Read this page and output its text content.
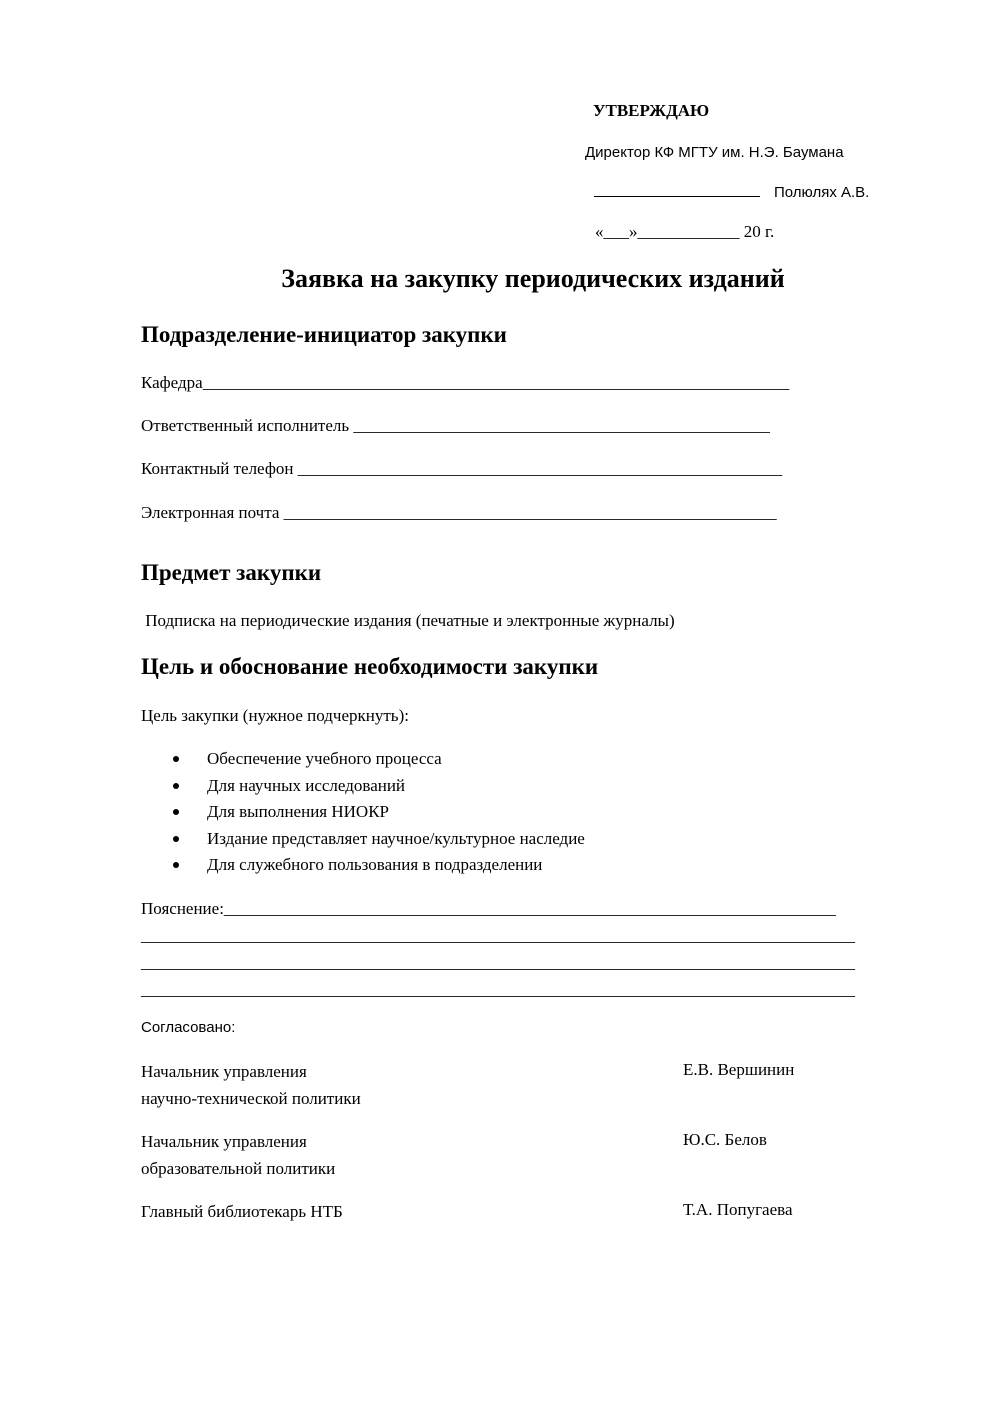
УТВЕРЖДАЮ
Директор КФ МГТУ им. Н.Э. Баумана
Полюлях А.В.
«___»____________ 20 г.
Заявка на закупку периодических изданий
Подразделение-инициатор закупки
Кафедра_____________________________________________________________________
Ответственный исполнитель _________________________________________________
Контактный телефон _________________________________________________________
Электронная почта __________________________________________________________
Предмет закупки
Подписка на периодические издания (печатные и электронные журналы)
Цель и обоснование необходимости закупки
Цель закупки (нужное подчеркнуть):
Обеспечение учебного процесса
Для научных исследований
Для выполнения НИОКР
Издание представляет научное/культурное наследие
Для служебного пользования в подразделении
Пояснение:________________________________________________________________________
____________________________________________________________________________________
____________________________________________________________________________________
____________________________________________________________________________________
Согласовано:
Начальник управления
научно-технической политики
Е.В. Вершинин
Начальник управления
образовательной политики
Ю.С. Белов
Главный библиотекарь НТБ	Т.А. Попугаева
